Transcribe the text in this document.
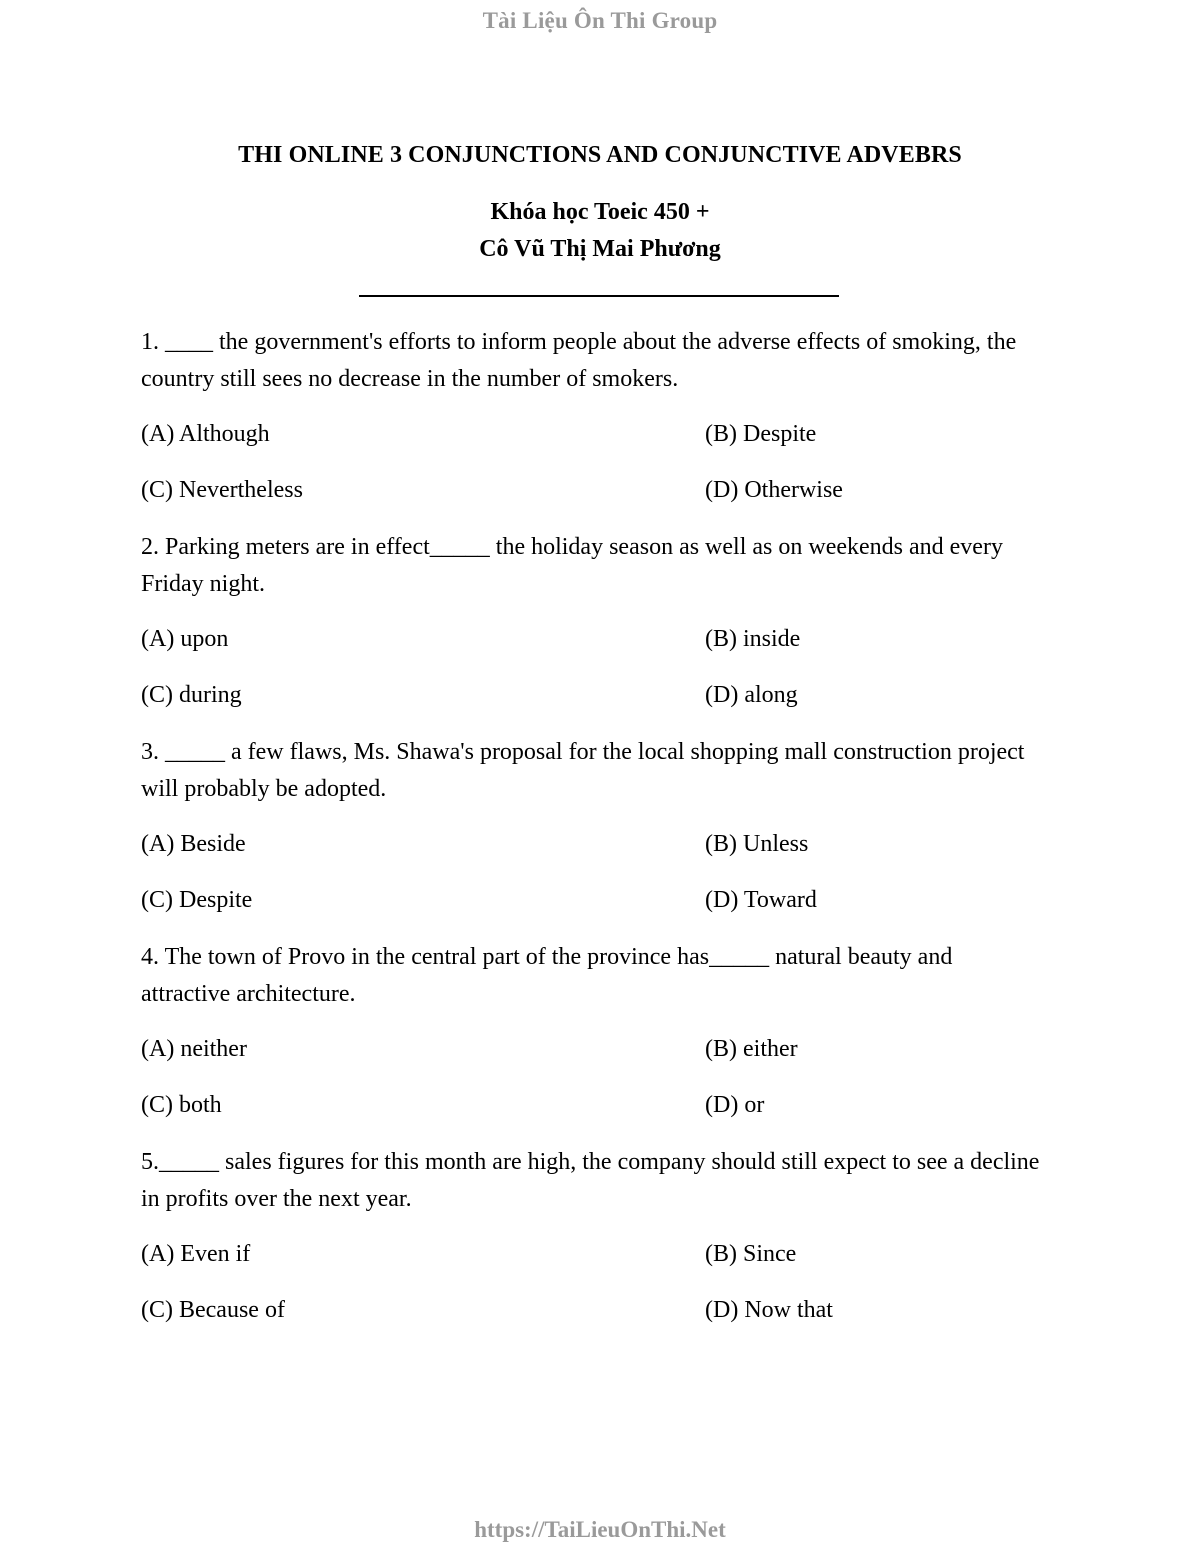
Tài Liệu Ôn Thi Group
THI ONLINE 3 CONJUNCTIONS AND CONJUNCTIVE ADVEBRS
Khóa học Toeic 450 +
Cô Vũ Thị Mai Phương

1. ____ the government's efforts to inform people about the adverse effects of smoking, the country still sees no decrease in the number of smokers.

(A) Although	(B) Despite
(C) Nevertheless	(D) Otherwise

2. Parking meters are in effect_____ the holiday season as well as on weekends and every Friday night.

(A) upon	(B) inside
(C) during	(D) along

3. _____ a few flaws, Ms. Shawa's proposal for the local shopping mall construction project will probably be adopted.

(A) Beside	(B) Unless
(C) Despite	(D) Toward

4. The town of Provo in the central part of the province has_____ natural beauty and attractive architecture.

(A) neither	(B) either
(C) both	(D) or

5._____ sales figures for this month are high, the company should still expect to see a decline in profits over the next year.

(A) Even if	(B) Since
(C) Because of	(D) Now that
https://TaiLieuOnThi.Net
